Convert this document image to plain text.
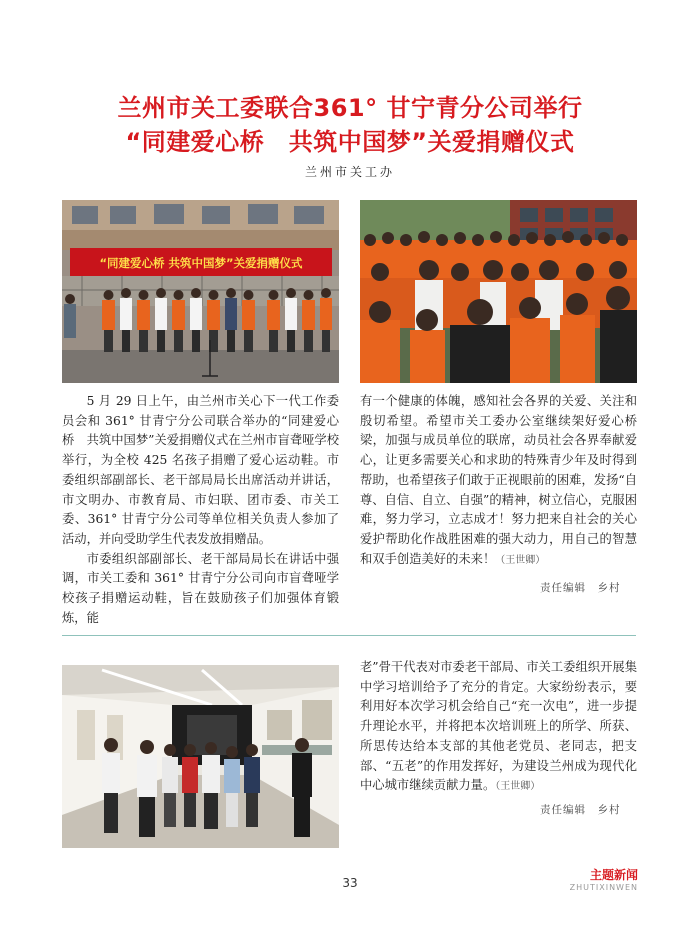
兰州市关工委联合361° 甘宁青分公司举行
“同建爱心桥　共筑中国梦”关爱捐赠仪式
兰州市关工办
“同建爱心桥 共筑中国梦”关爱捐赠仪式

5 月 29 日上午，由兰州市关心下一代工作委员会和 361° 甘青宁分公司联合举办的“同建爱心桥　共筑中国梦”关爱捐赠仪式在兰州市盲聋哑学校举行，为全校 425 名孩子捐赠了爱心运动鞋。市委组织部副部长、老干部局局长出席活动并讲话，市文明办、市教育局、市妇联、团市委、市关工委、361° 甘青宁分公司等单位相关负责人参加了活动，并向受助学生代表发放捐赠品。

市委组织部副部长、老干部局局长在讲话中强调，市关工委和 361° 甘青宁分公司向市盲聋哑学校孩子捐赠运动鞋，旨在鼓励孩子们加强体育锻炼，能

有一个健康的体魄，感知社会各界的关爱、关注和殷切希望。希望市关工委办公室继续架好爱心桥梁，加强与成员单位的联席，动员社会各界奉献爱心，让更多需要关心和求助的特殊青少年及时得到帮助，也希望孩子们敢于正视眼前的困难，发扬“自尊、自信、自立、自强”的精神，树立信心，克服困难，努力学习，立志成才！努力把来自社会的关心爱护帮助化作战胜困难的强大动力，用自己的智慧和双手创造美好的未来！（王世卿）

责任编辑　乡村

老”骨干代表对市委老干部局、市关工委组织开展集中学习培训给予了充分的肯定。大家纷纷表示，要利用好本次学习机会给自己“充一次电”，进一步提升理论水平，并将把本次培训班上的所学、所获、所思传达给本支部的其他老党员、老同志，把支部、“五老”的作用发挥好，为建设兰州成为现代化中心城市继续贡献力量。（王世卿）

责任编辑　乡村
33
主题新闻
ZHUTIXINWEN
